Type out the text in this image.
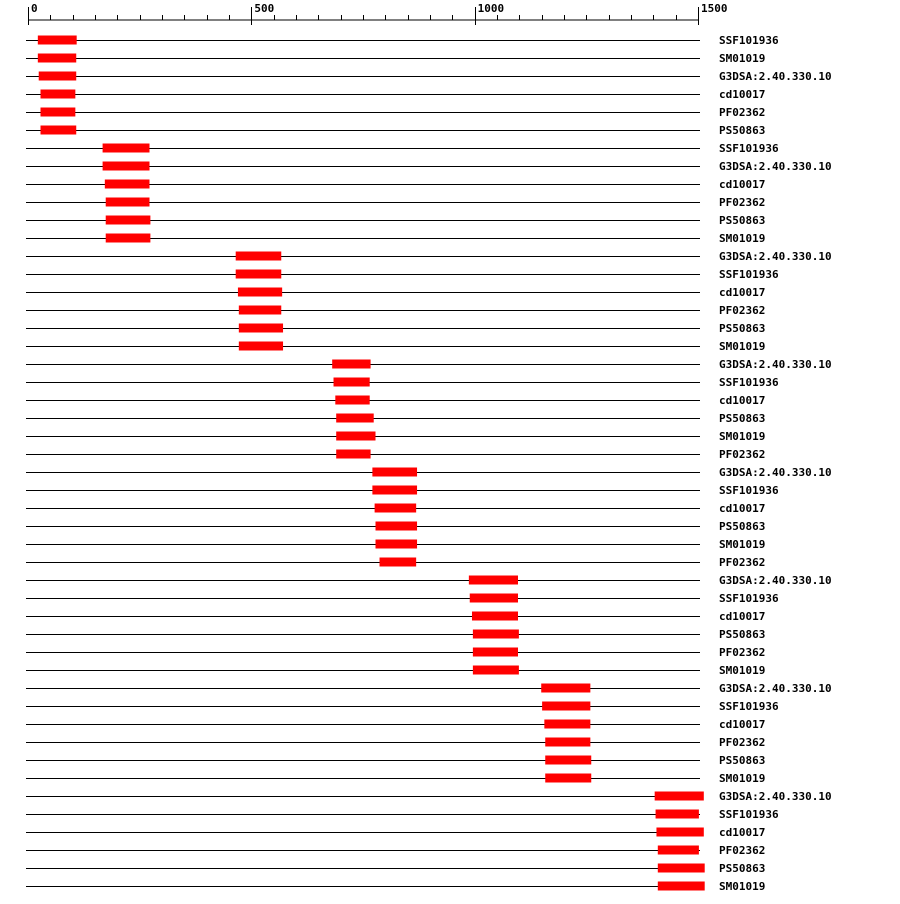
0	500	1000	1500
SSF101936
SM01019
G3DSA:2.40.330.10
cd10017
PF02362
PS50863
SSF101936
G3DSA:2.40.330.10
cd10017
PF02362
PS50863
SM01019
G3DSA:2.40.330.10
SSF101936
cd10017
PF02362
PS50863
SM01019
G3DSA:2.40.330.10
SSF101936
cd10017
PS50863
SM01019
PF02362
G3DSA:2.40.330.10
SSF101936
cd10017
PS50863
SM01019
PF02362
G3DSA:2.40.330.10
SSF101936
cd10017
PS50863
PF02362
SM01019
G3DSA:2.40.330.10
SSF101936
cd10017
PF02362
PS50863
SM01019
G3DSA:2.40.330.10
SSF101936
cd10017
PF02362
PS50863
SM01019
